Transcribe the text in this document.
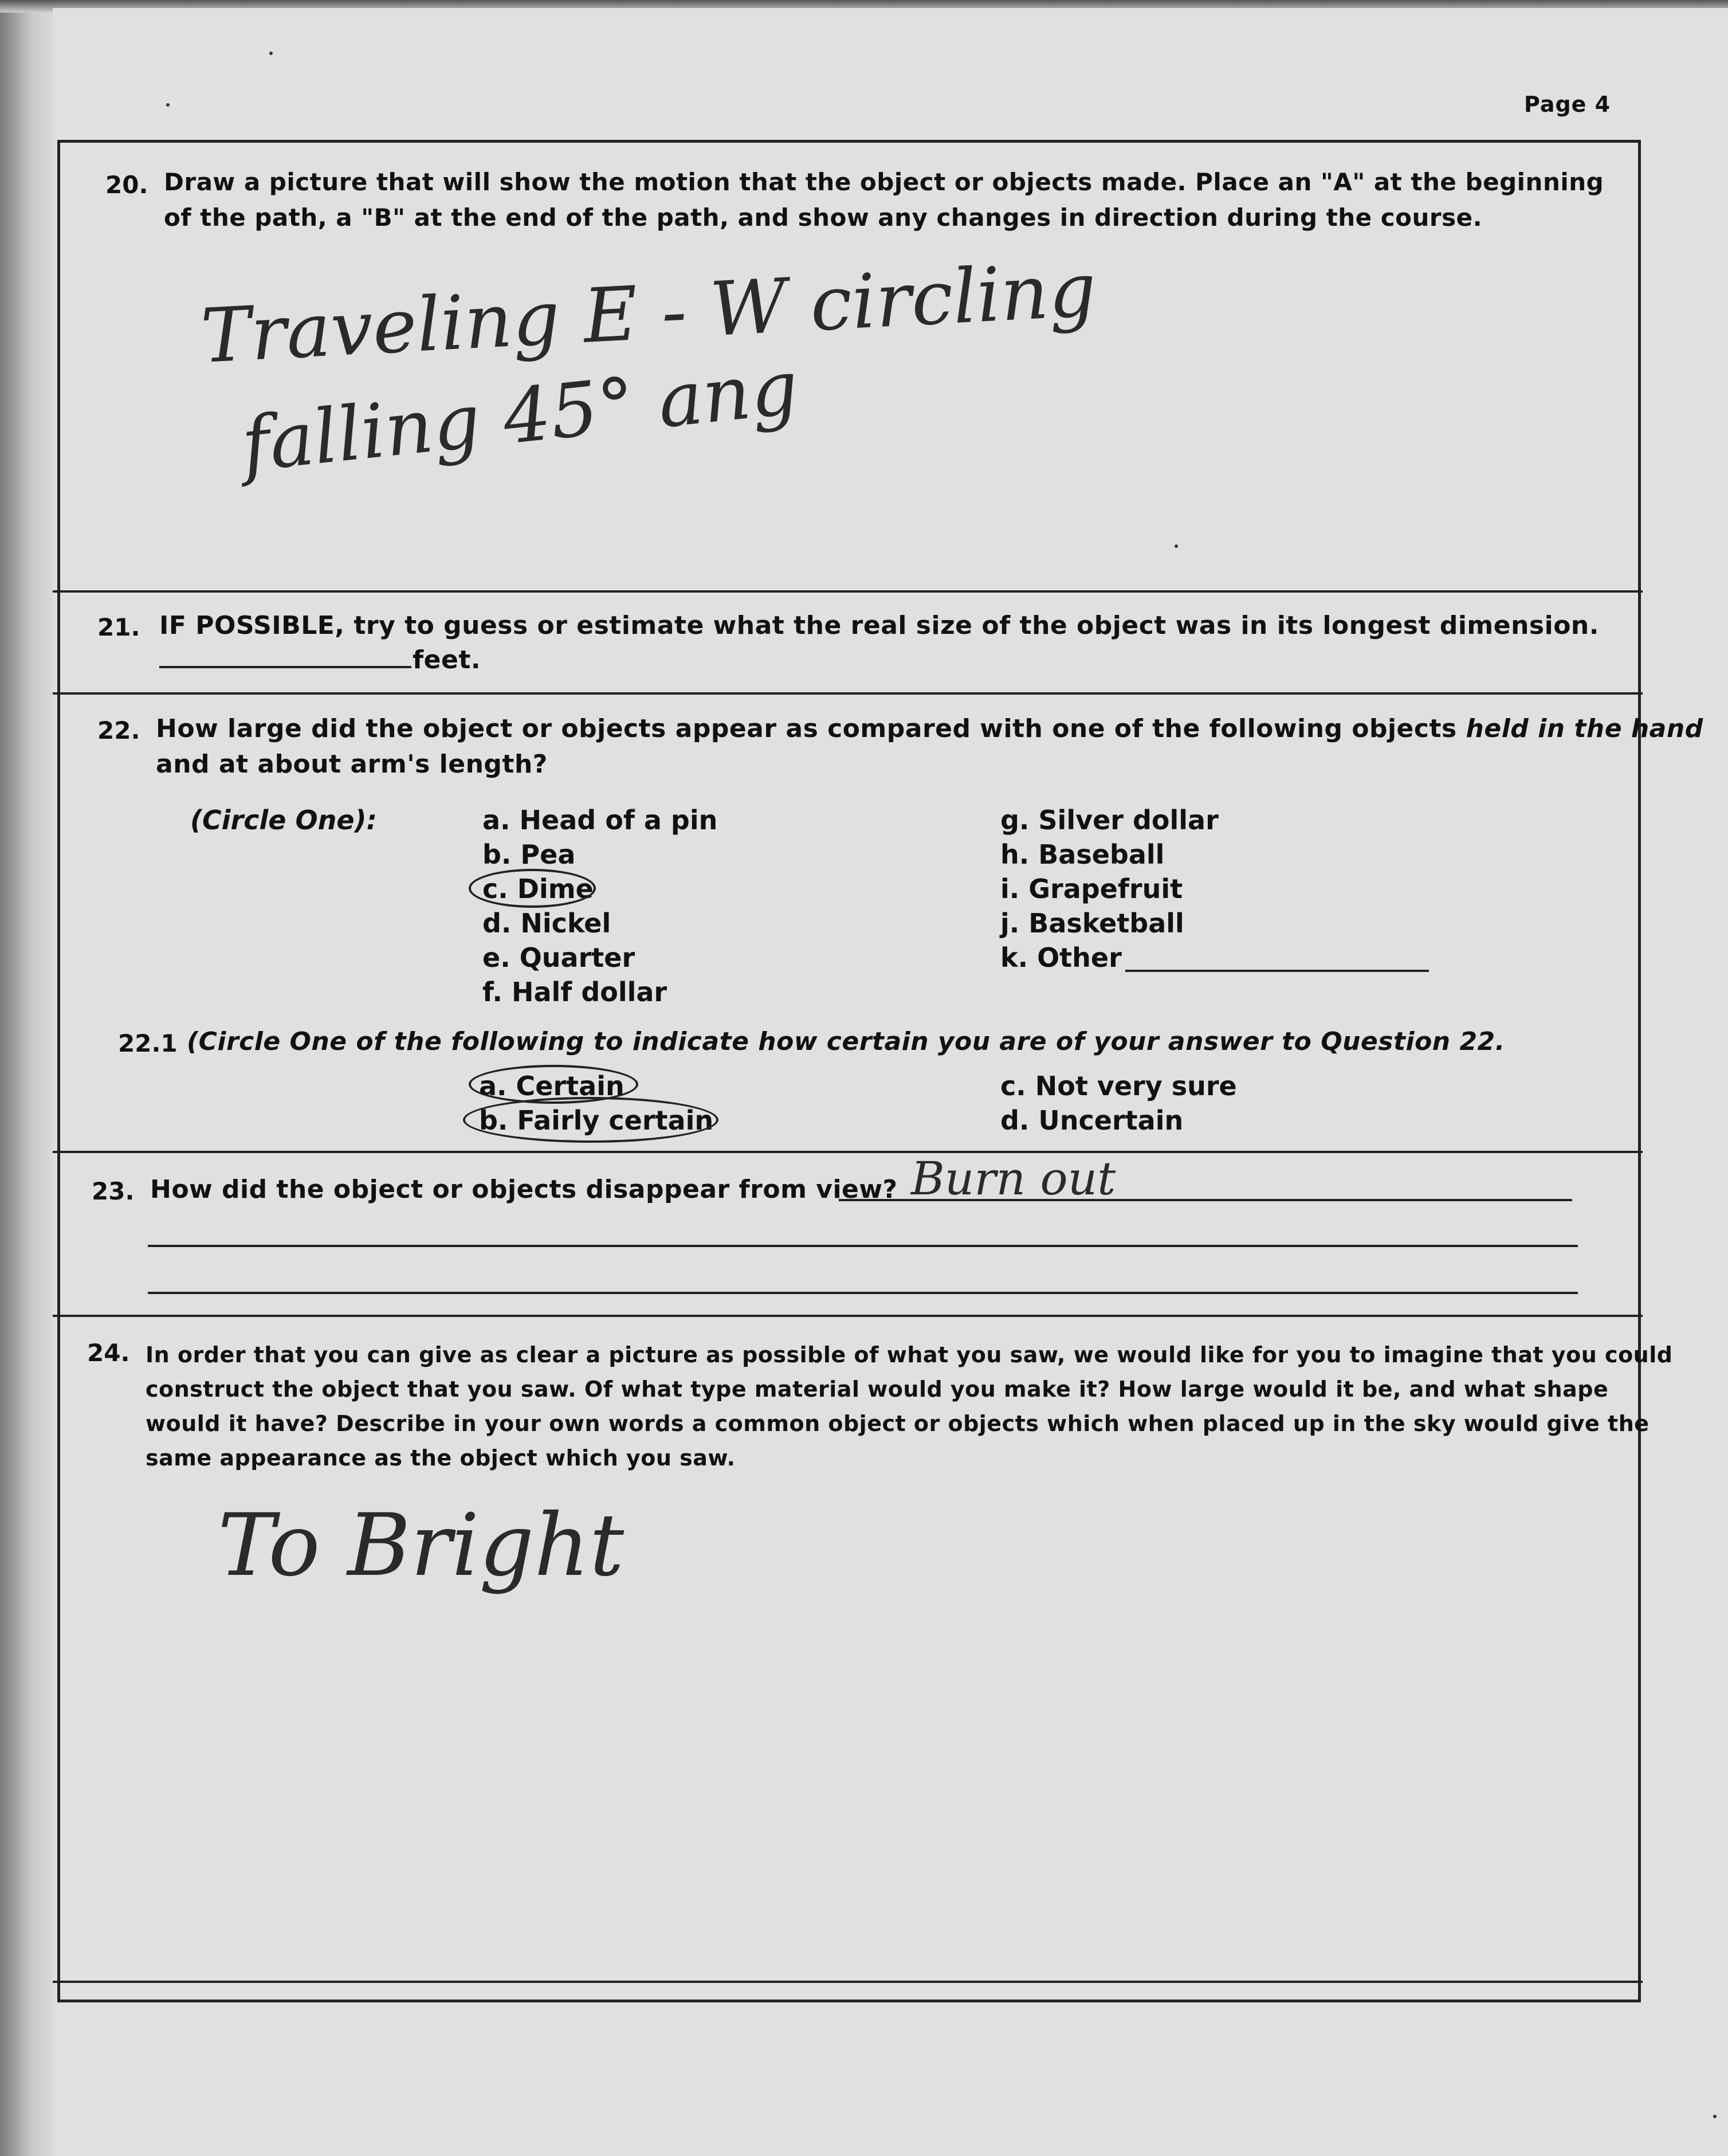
Page 4
20. Draw a picture that will show the motion that the object or objects made. Place an "A" at the beginning
of the path, a "B" at the end of the path, and show any changes in direction during the course.
Traveling E - W circling
falling 45° ang
21. IF POSSIBLE, try to guess or estimate what the real size of the object was in its longest dimension.
feet.
22. How large did the object or objects appear as compared with one of the following objects held in the hand
and at about arm's length?
(Circle One):	a. Head of a pin
b. Pea
c. Dime
d. Nickel
e. Quarter
f. Half dollar
g. Silver dollar
h. Baseball
i. Grapefruit
j. Basketball
k. Other
22.1 (Circle One of the following to indicate how certain you are of your answer to Question 22.
a. Certain
b. Fairly certain
c. Not very sure
d. Uncertain
23. How did the object or objects disappear from view? Burn out
24. In order that you can give as clear a picture as possible of what you saw, we would like for you to imagine that you could
construct the object that you saw. Of what type material would you make it? How large would it be, and what shape
would it have? Describe in your own words a common object or objects which when placed up in the sky would give the
same appearance as the object which you saw.
To Bright
